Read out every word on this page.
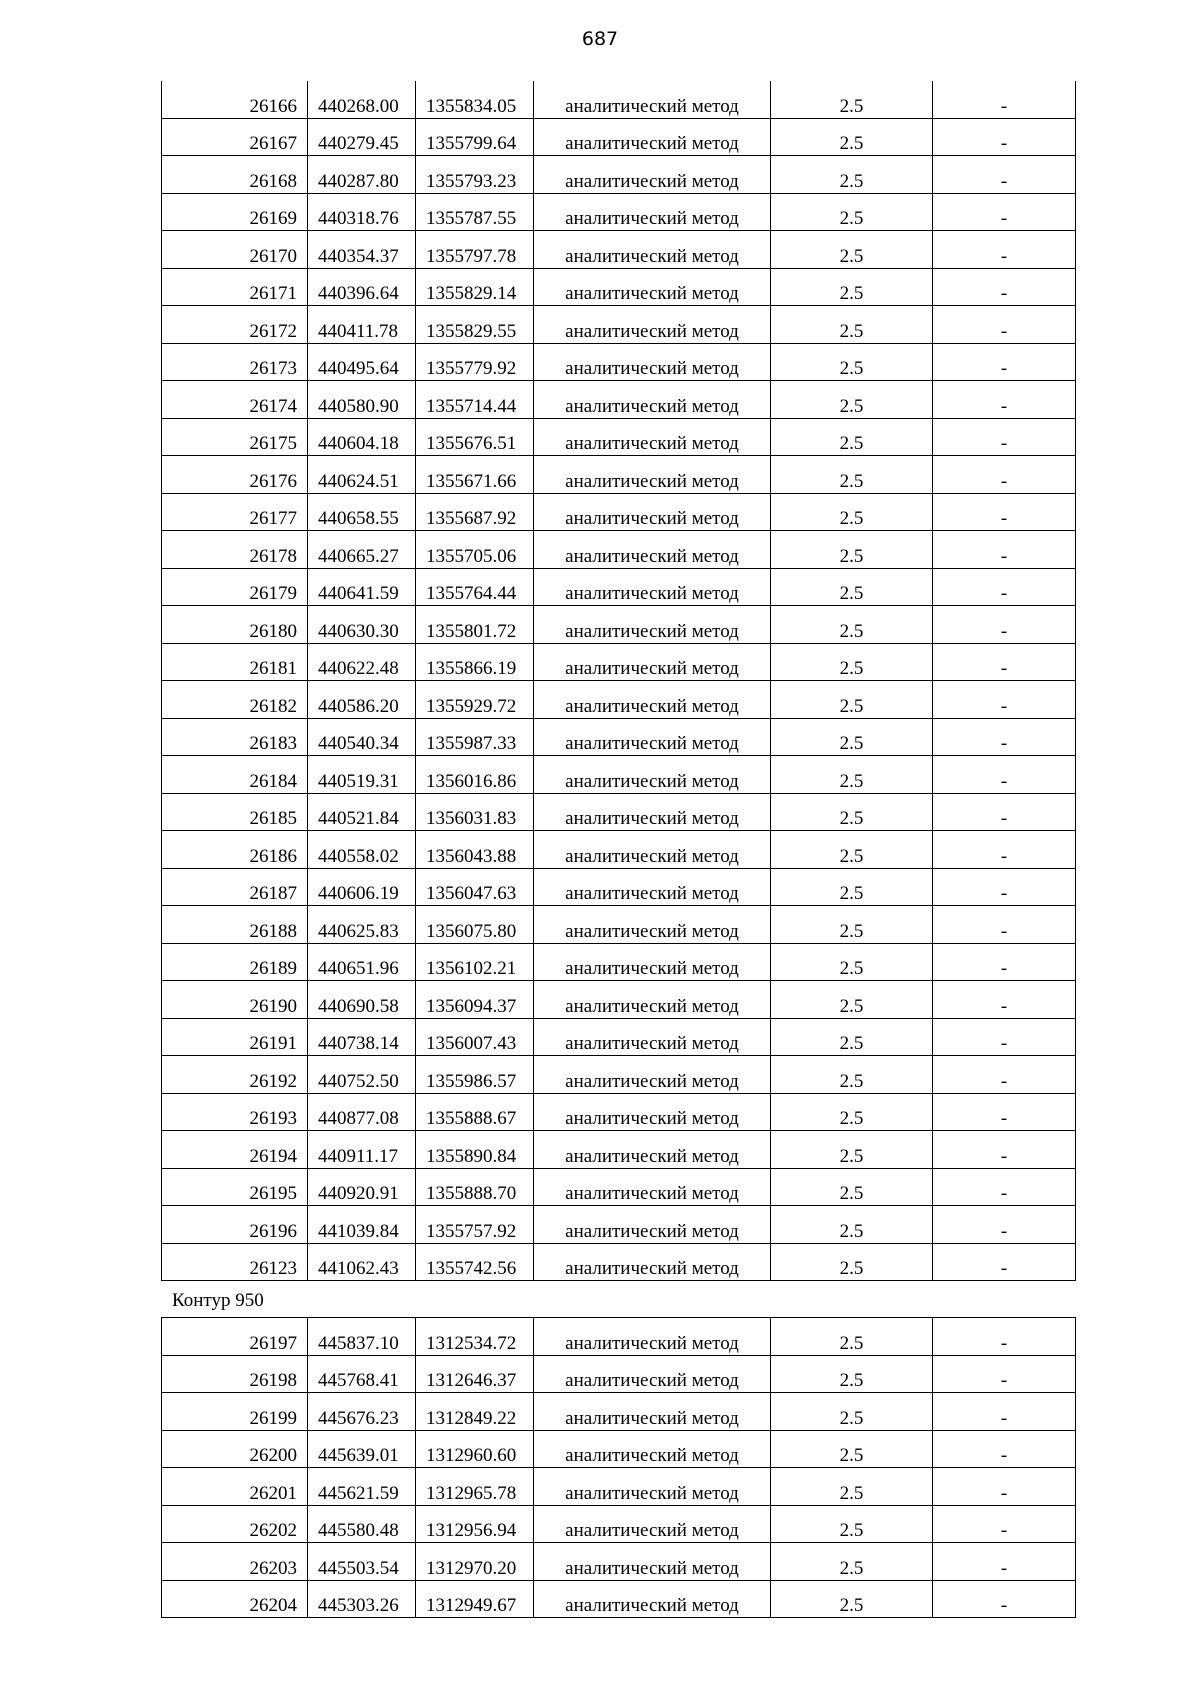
687
26166	440268.00	1355834.05	аналитический метод	2.5	-
26167	440279.45	1355799.64	аналитический метод	2.5	-
26168	440287.80	1355793.23	аналитический метод	2.5	-
26169	440318.76	1355787.55	аналитический метод	2.5	-
26170	440354.37	1355797.78	аналитический метод	2.5	-
26171	440396.64	1355829.14	аналитический метод	2.5	-
26172	440411.78	1355829.55	аналитический метод	2.5	-
26173	440495.64	1355779.92	аналитический метод	2.5	-
26174	440580.90	1355714.44	аналитический метод	2.5	-
26175	440604.18	1355676.51	аналитический метод	2.5	-
26176	440624.51	1355671.66	аналитический метод	2.5	-
26177	440658.55	1355687.92	аналитический метод	2.5	-
26178	440665.27	1355705.06	аналитический метод	2.5	-
26179	440641.59	1355764.44	аналитический метод	2.5	-
26180	440630.30	1355801.72	аналитический метод	2.5	-
26181	440622.48	1355866.19	аналитический метод	2.5	-
26182	440586.20	1355929.72	аналитический метод	2.5	-
26183	440540.34	1355987.33	аналитический метод	2.5	-
26184	440519.31	1356016.86	аналитический метод	2.5	-
26185	440521.84	1356031.83	аналитический метод	2.5	-
26186	440558.02	1356043.88	аналитический метод	2.5	-
26187	440606.19	1356047.63	аналитический метод	2.5	-
26188	440625.83	1356075.80	аналитический метод	2.5	-
26189	440651.96	1356102.21	аналитический метод	2.5	-
26190	440690.58	1356094.37	аналитический метод	2.5	-
26191	440738.14	1356007.43	аналитический метод	2.5	-
26192	440752.50	1355986.57	аналитический метод	2.5	-
26193	440877.08	1355888.67	аналитический метод	2.5	-
26194	440911.17	1355890.84	аналитический метод	2.5	-
26195	440920.91	1355888.70	аналитический метод	2.5	-
26196	441039.84	1355757.92	аналитический метод	2.5	-
26123	441062.43	1355742.56	аналитический метод	2.5	-
Контур 950
26197	445837.10	1312534.72	аналитический метод	2.5	-
26198	445768.41	1312646.37	аналитический метод	2.5	-
26199	445676.23	1312849.22	аналитический метод	2.5	-
26200	445639.01	1312960.60	аналитический метод	2.5	-
26201	445621.59	1312965.78	аналитический метод	2.5	-
26202	445580.48	1312956.94	аналитический метод	2.5	-
26203	445503.54	1312970.20	аналитический метод	2.5	-
26204	445303.26	1312949.67	аналитический метод	2.5	-
